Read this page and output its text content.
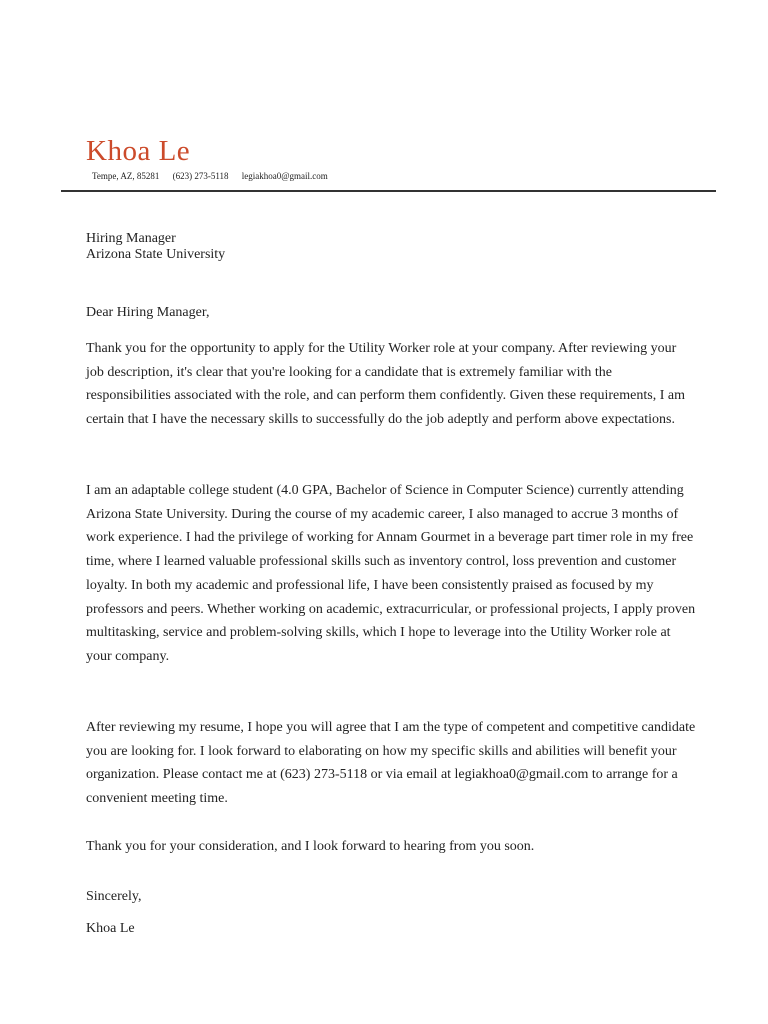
Khoa Le
Tempe, AZ, 85281 (623) 273-5118 legiakhoa0@gmail.com
Hiring Manager
Arizona State University
Dear Hiring Manager,

Thank you for the opportunity to apply for the Utility Worker role at your company. After reviewing your job description, it's clear that you're looking for a candidate that is extremely familiar with the responsibilities associated with the role, and can perform them confidently. Given these requirements, I am certain that I have the necessary skills to successfully do the job adeptly and perform above expectations.

I am an adaptable college student (4.0 GPA, Bachelor of Science in Computer Science) currently attending Arizona State University. During the course of my academic career, I also managed to accrue 3 months of work experience. I had the privilege of working for Annam Gourmet in a beverage part timer role in my free time, where I learned valuable professional skills such as inventory control, loss prevention and customer loyalty. In both my academic and professional life, I have been consistently praised as focused by my professors and peers. Whether working on academic, extracurricular, or professional projects, I apply proven multitasking, service and problem-solving skills, which I hope to leverage into the Utility Worker role at your company.

After reviewing my resume, I hope you will agree that I am the type of competent and competitive candidate you are looking for. I look forward to elaborating on how my specific skills and abilities will benefit your organization. Please contact me at (623) 273-5118 or via email at legiakhoa0@gmail.com to arrange for a convenient meeting time.

Thank you for your consideration, and I look forward to hearing from you soon.

Sincerely,
Khoa Le
